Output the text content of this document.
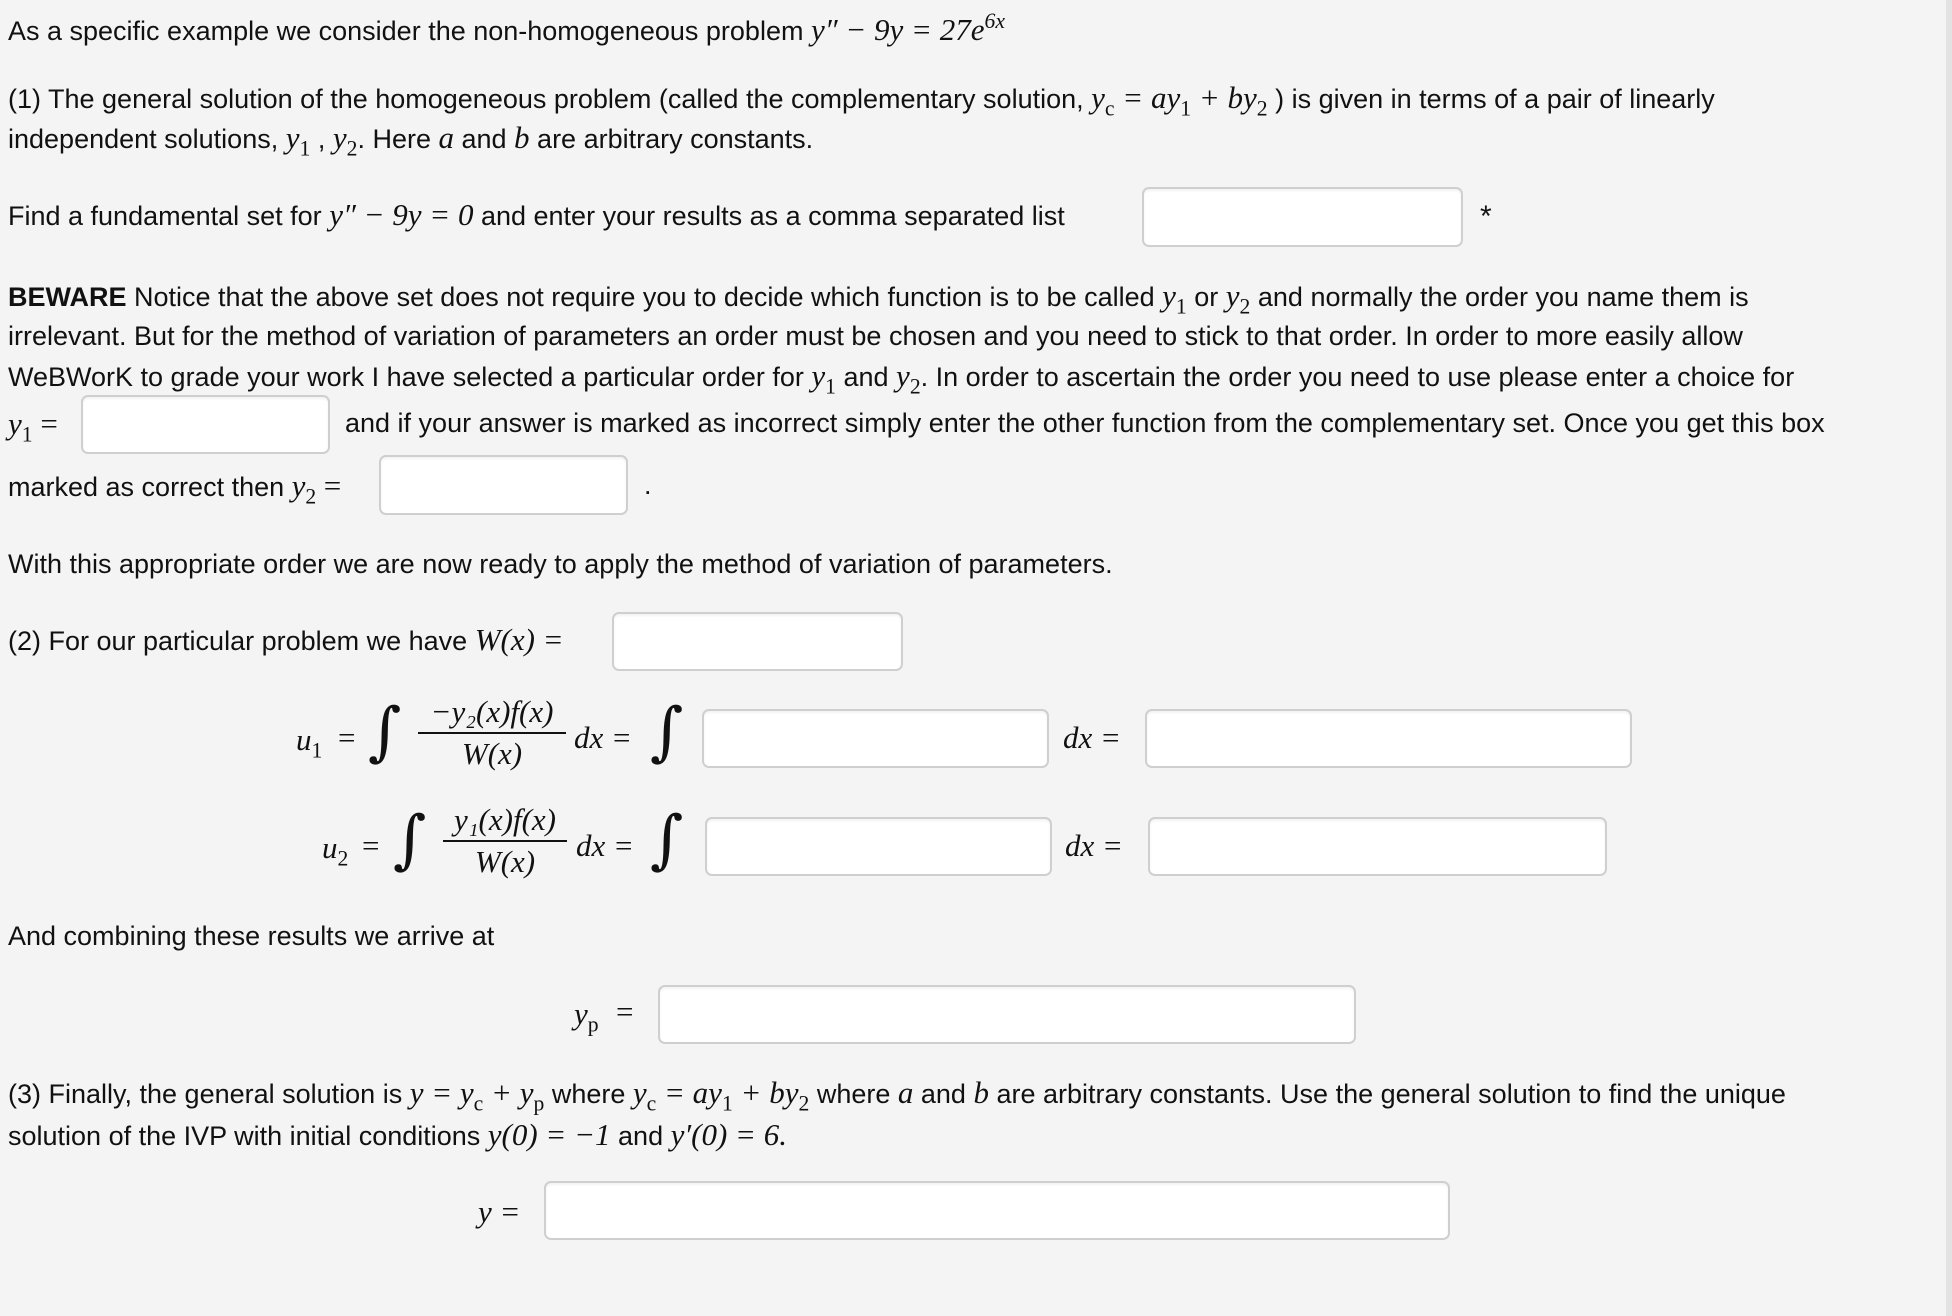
As a specific example we consider the non-homogeneous problem $y'' - 9y = 27e^{6x}$
(1) The general solution of the homogeneous problem (called the complementary solution, $y_c = ay_1 + by_2$ ) is given in terms of a pair of linearly
independent solutions, $y_1$ , $y_2$. Here a and b are arbitrary constants.
Find a fundamental set for y″ − 9y = 0 and enter your results as a comma separated list	*
BEWARE Notice that the above set does not require you to decide which function is to be called $y_1$ or $y_2$ and normally the order you name them is
irrelevant. But for the method of variation of parameters an order must be chosen and you need to stick to that order. In order to more easily allow
WeBWorK to grade your work I have selected a particular order for $y_1$ and $y_2$. In order to ascertain the order you need to use please enter a choice for
$y_1$ =	and if your answer is marked as incorrect simply enter the other function from the complementary set. Once you get this box
marked as correct then $y_2$ =	.
With this appropriate order we are now ready to apply the method of variation of parameters.
(2) For our particular problem we have W(x) =
$u_1$ = ∫ −y₂(x)f(x)
W(x)	dx = ∫	dx =
$u_2$ = ∫ y₁(x)f(x)
W(x)	dx = ∫	dx =
And combining these results we arrive at
$y_p$ =
(3) Finally, the general solution is $y = y_c + y_p$ where $y_c = ay_1 + by_2$ where a and b are arbitrary constants. Use the general solution to find the unique
solution of the IVP with initial conditions y(0) = −1 and y′(0) = 6.
y =
